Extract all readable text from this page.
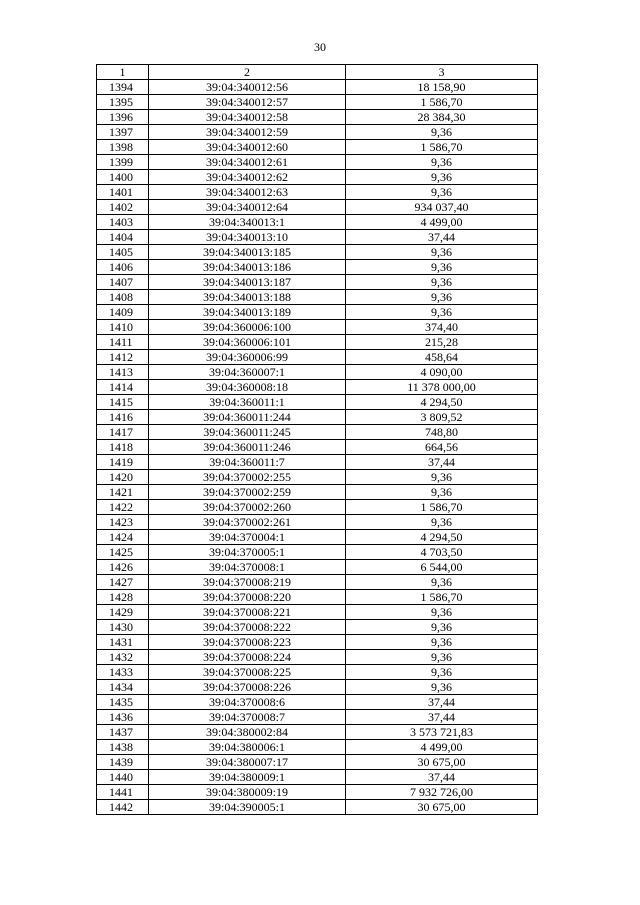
30
1	2	3
1394	39:04:340012:56	18 158,90
1395	39:04:340012:57	1 586,70
1396	39:04:340012:58	28 384,30
1397	39:04:340012:59	9,36
1398	39:04:340012:60	1 586,70
1399	39:04:340012:61	9,36
1400	39:04:340012:62	9,36
1401	39:04:340012:63	9,36
1402	39:04:340012:64	934 037,40
1403	39:04:340013:1	4 499,00
1404	39:04:340013:10	37,44
1405	39:04:340013:185	9,36
1406	39:04:340013:186	9,36
1407	39:04:340013:187	9,36
1408	39:04:340013:188	9,36
1409	39:04:340013:189	9,36
1410	39:04:360006:100	374,40
1411	39:04:360006:101	215,28
1412	39:04:360006:99	458,64
1413	39:04:360007:1	4 090,00
1414	39:04:360008:18	11 378 000,00
1415	39:04:360011:1	4 294,50
1416	39:04:360011:244	3 809,52
1417	39:04:360011:245	748,80
1418	39:04:360011:246	664,56
1419	39:04:360011:7	37,44
1420	39:04:370002:255	9,36
1421	39:04:370002:259	9,36
1422	39:04:370002:260	1 586,70
1423	39:04:370002:261	9,36
1424	39:04:370004:1	4 294,50
1425	39:04:370005:1	4 703,50
1426	39:04:370008:1	6 544,00
1427	39:04:370008:219	9,36
1428	39:04:370008:220	1 586,70
1429	39:04:370008:221	9,36
1430	39:04:370008:222	9,36
1431	39:04:370008:223	9,36
1432	39:04:370008:224	9,36
1433	39:04:370008:225	9,36
1434	39:04:370008:226	9,36
1435	39:04:370008:6	37,44
1436	39:04:370008:7	37,44
1437	39:04:380002:84	3 573 721,83
1438	39:04:380006:1	4 499,00
1439	39:04:380007:17	30 675,00
1440	39:04:380009:1	37,44
1441	39:04:380009:19	7 932 726,00
1442	39:04:390005:1	30 675,00
